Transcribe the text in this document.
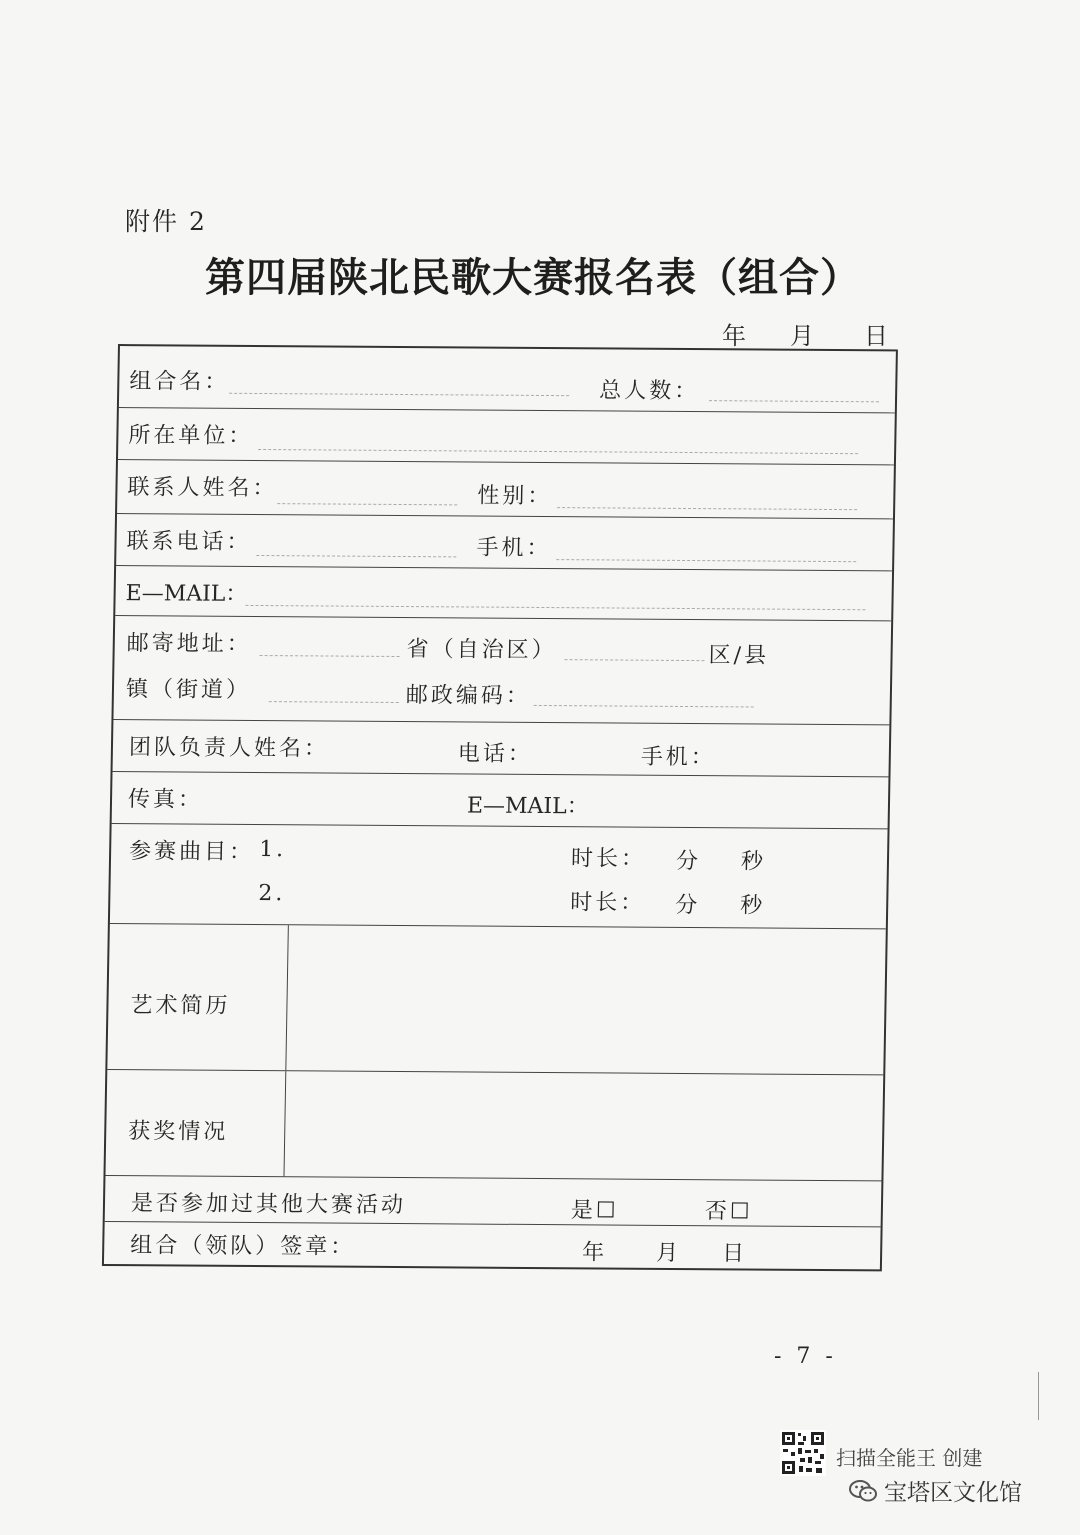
附件 2
第四届陕北民歌大赛报名表（组合）
年 月 日
组合名：	总人数：
所在单位：
联系人姓名：	性别：
联系电话：	手机：
E—MAIL：
邮寄地址：	省（自治区）	区/县
镇（街道）	邮政编码：
团队负责人姓名：	电话：	手机：
传真：	E—MAIL：
参赛曲目： 1.	时长： 分 秒
2.	时长： 分 秒
艺术简历
获奖情况
是否参加过其他大赛活动	是☐	否☐
组合（领队）签章：	年 月 日
- 7 -
扫描全能王 创建
宝塔区文化馆
